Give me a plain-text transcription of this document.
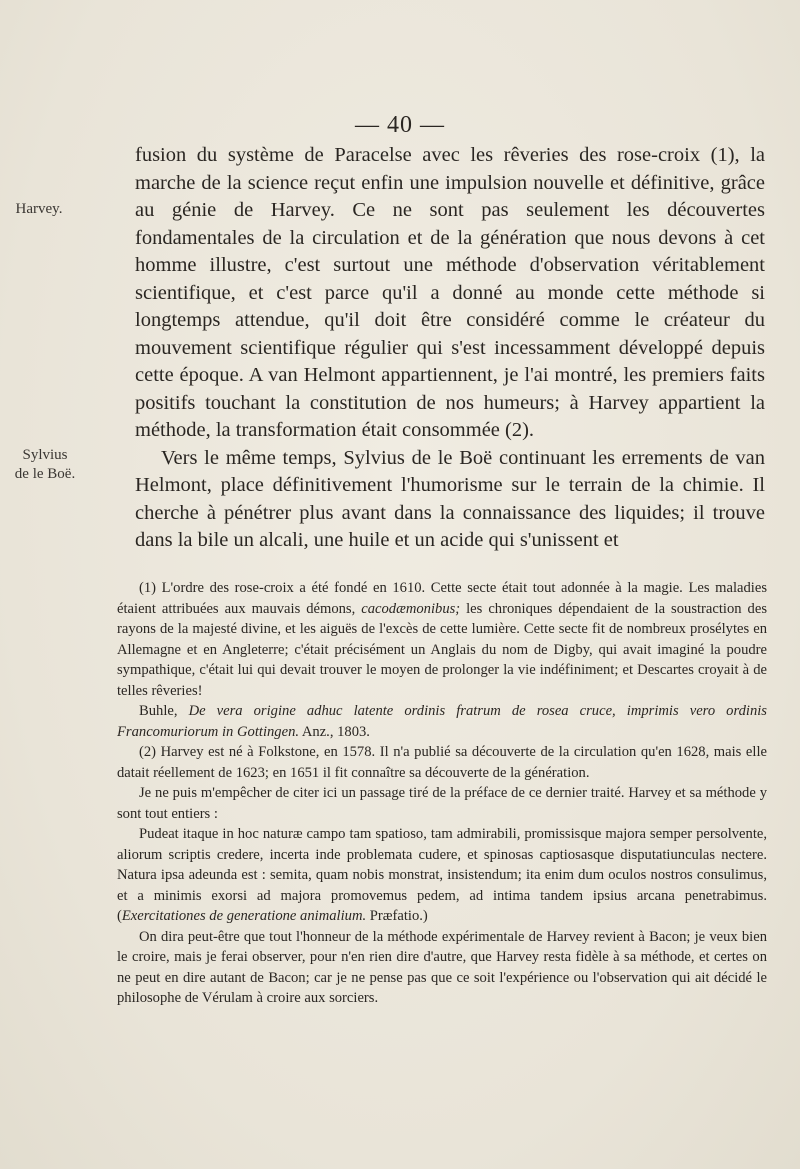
— 40 —
Harvey.
Sylvius
de le Boë.

fusion du système de Paracelse avec les rêveries des rose-croix (1), la marche de la science reçut enfin une impulsion nouvelle et définitive, grâce au génie de Harvey. Ce ne sont pas seulement les découvertes fondamentales de la circulation et de la génération que nous devons à cet homme illustre, c'est surtout une méthode d'observation véritablement scientifique, et c'est parce qu'il a donné au monde cette méthode si longtemps attendue, qu'il doit être considéré comme le créateur du mouvement scientifique régulier qui s'est incessamment développé depuis cette époque. A van Helmont appartiennent, je l'ai montré, les premiers faits positifs touchant la constitution de nos humeurs; à Harvey appartient la méthode, la transformation était consommée (2).

Vers le même temps, Sylvius de le Boë continuant les errements de van Helmont, place définitivement l'humorisme sur le terrain de la chimie. Il cherche à pénétrer plus avant dans la connaissance des liquides; il trouve dans la bile un alcali, une huile et un acide qui s'unissent et

(1) L'ordre des rose-croix a été fondé en 1610. Cette secte était tout adonnée à la magie. Les maladies étaient attribuées aux mauvais démons, cacodæmonibus; les chroniques dépendaient de la soustraction des rayons de la majesté divine, et les aiguës de l'excès de cette lumière. Cette secte fit de nombreux prosélytes en Allemagne et en Angleterre; c'était précisément un Anglais du nom de Digby, qui avait imaginé la poudre sympathique, c'était lui qui devait trouver le moyen de prolonger la vie indéfiniment; et Descartes croyait à de telles rêveries!

Buhle, De vera origine adhuc latente ordinis fratrum de rosea cruce, imprimis vero ordinis Francomuriorum in Gottingen. Anz., 1803.

(2) Harvey est né à Folkstone, en 1578. Il n'a publié sa découverte de la circulation qu'en 1628, mais elle datait réellement de 1623; en 1651 il fit connaître sa découverte de la génération.

Je ne puis m'empêcher de citer ici un passage tiré de la préface de ce dernier traité. Harvey et sa méthode y sont tout entiers :

Pudeat itaque in hoc naturæ campo tam spatioso, tam admirabili, promissisque majora semper persolvente, aliorum scriptis credere, incerta inde problemata cudere, et spinosas captiosasque disputatiunculas nectere. Natura ipsa adeunda est : semita, quam nobis monstrat, insistendum; ita enim dum oculos nostros consulimus, et a minimis exorsi ad majora promovemus pedem, ad intima tandem ipsius arcana penetrabimus. (Exercitationes de generatione animalium. Præfatio.)

On dira peut-être que tout l'honneur de la méthode expérimentale de Harvey revient à Bacon; je veux bien le croire, mais je ferai observer, pour n'en rien dire d'autre, que Harvey resta fidèle à sa méthode, et certes on ne peut en dire autant de Bacon; car je ne pense pas que ce soit l'expérience ou l'observation qui ait décidé le philosophe de Vérulam à croire aux sorciers.
